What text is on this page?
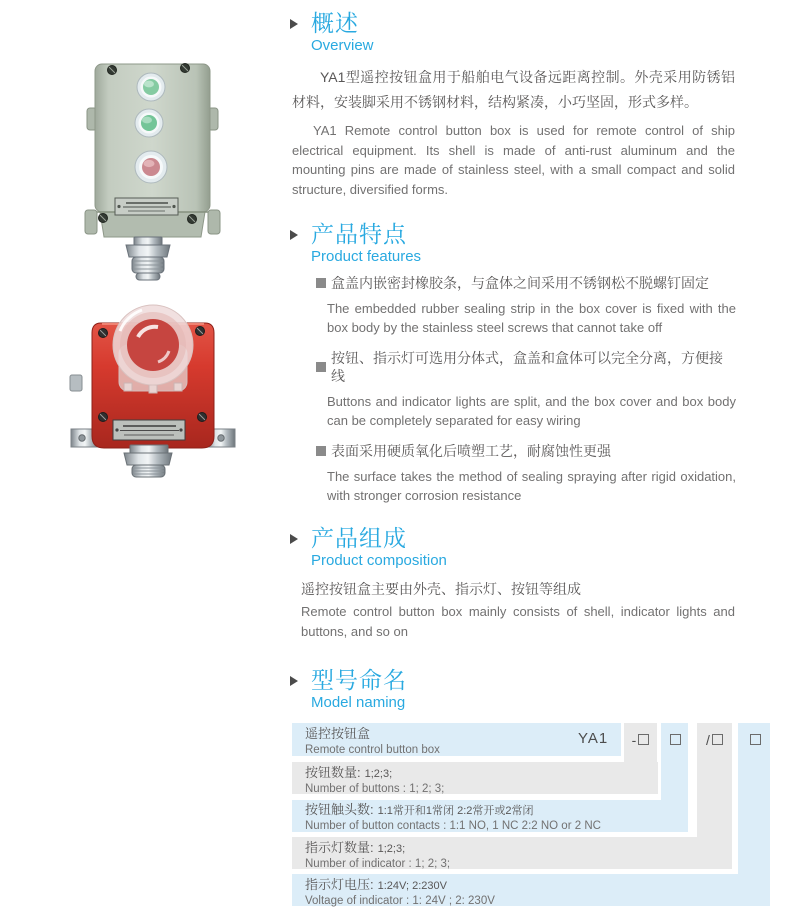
概述
Overview

YA1型遥控按钮盒用于船舶电气设备远距离控制。外壳采用防锈铝材料，安装脚采用不锈钢材料，结构紧凑，小巧坚固，形式多样。

YA1 Remote control button box is used for remote control of ship electrical equipment. Its shell is made of anti-rust aluminum and the mounting pins are made of stainless steel, with a small compact and solid structure, diversified forms.

产品特点
Product features
盒盖内嵌密封橡胶条，与盒体之间采用不锈钢松不脱螺钉固定

The embedded rubber sealing strip in the box cover is fixed with the box body by the stainless steel screws that cannot take off

按钮、指示灯可选用分体式，盒盖和盒体可以完全分离，方便接线

Buttons and indicator lights are split, and the box cover and box body can be completely separated for easy wiring

表面采用硬质氧化后喷塑工艺，耐腐蚀性更强

The surface takes the method of sealing spraying after rigid oxidation, with stronger corrosion resistance

产品组成
Product composition

遥控按钮盒主要由外壳、指示灯、按钮等组成

Remote control button box mainly consists of shell, indicator lights and buttons, and so on

型号命名
Model naming
YA1 -	/
遥控按钮盒
Remote control button box
按钮数量: 1;2;3;
Number of buttons : 1; 2; 3;
按钮触头数: 1:1常开和1常闭 2:2常开或2常闭
Number of button contacts : 1:1 NO, 1 NC 2:2 NO or 2 NC
指示灯数量: 1;2;3;
Number of indicator : 1; 2; 3;
指示灯电压: 1:24V; 2:230V
Voltage of indicator : 1: 24V ; 2: 230V
